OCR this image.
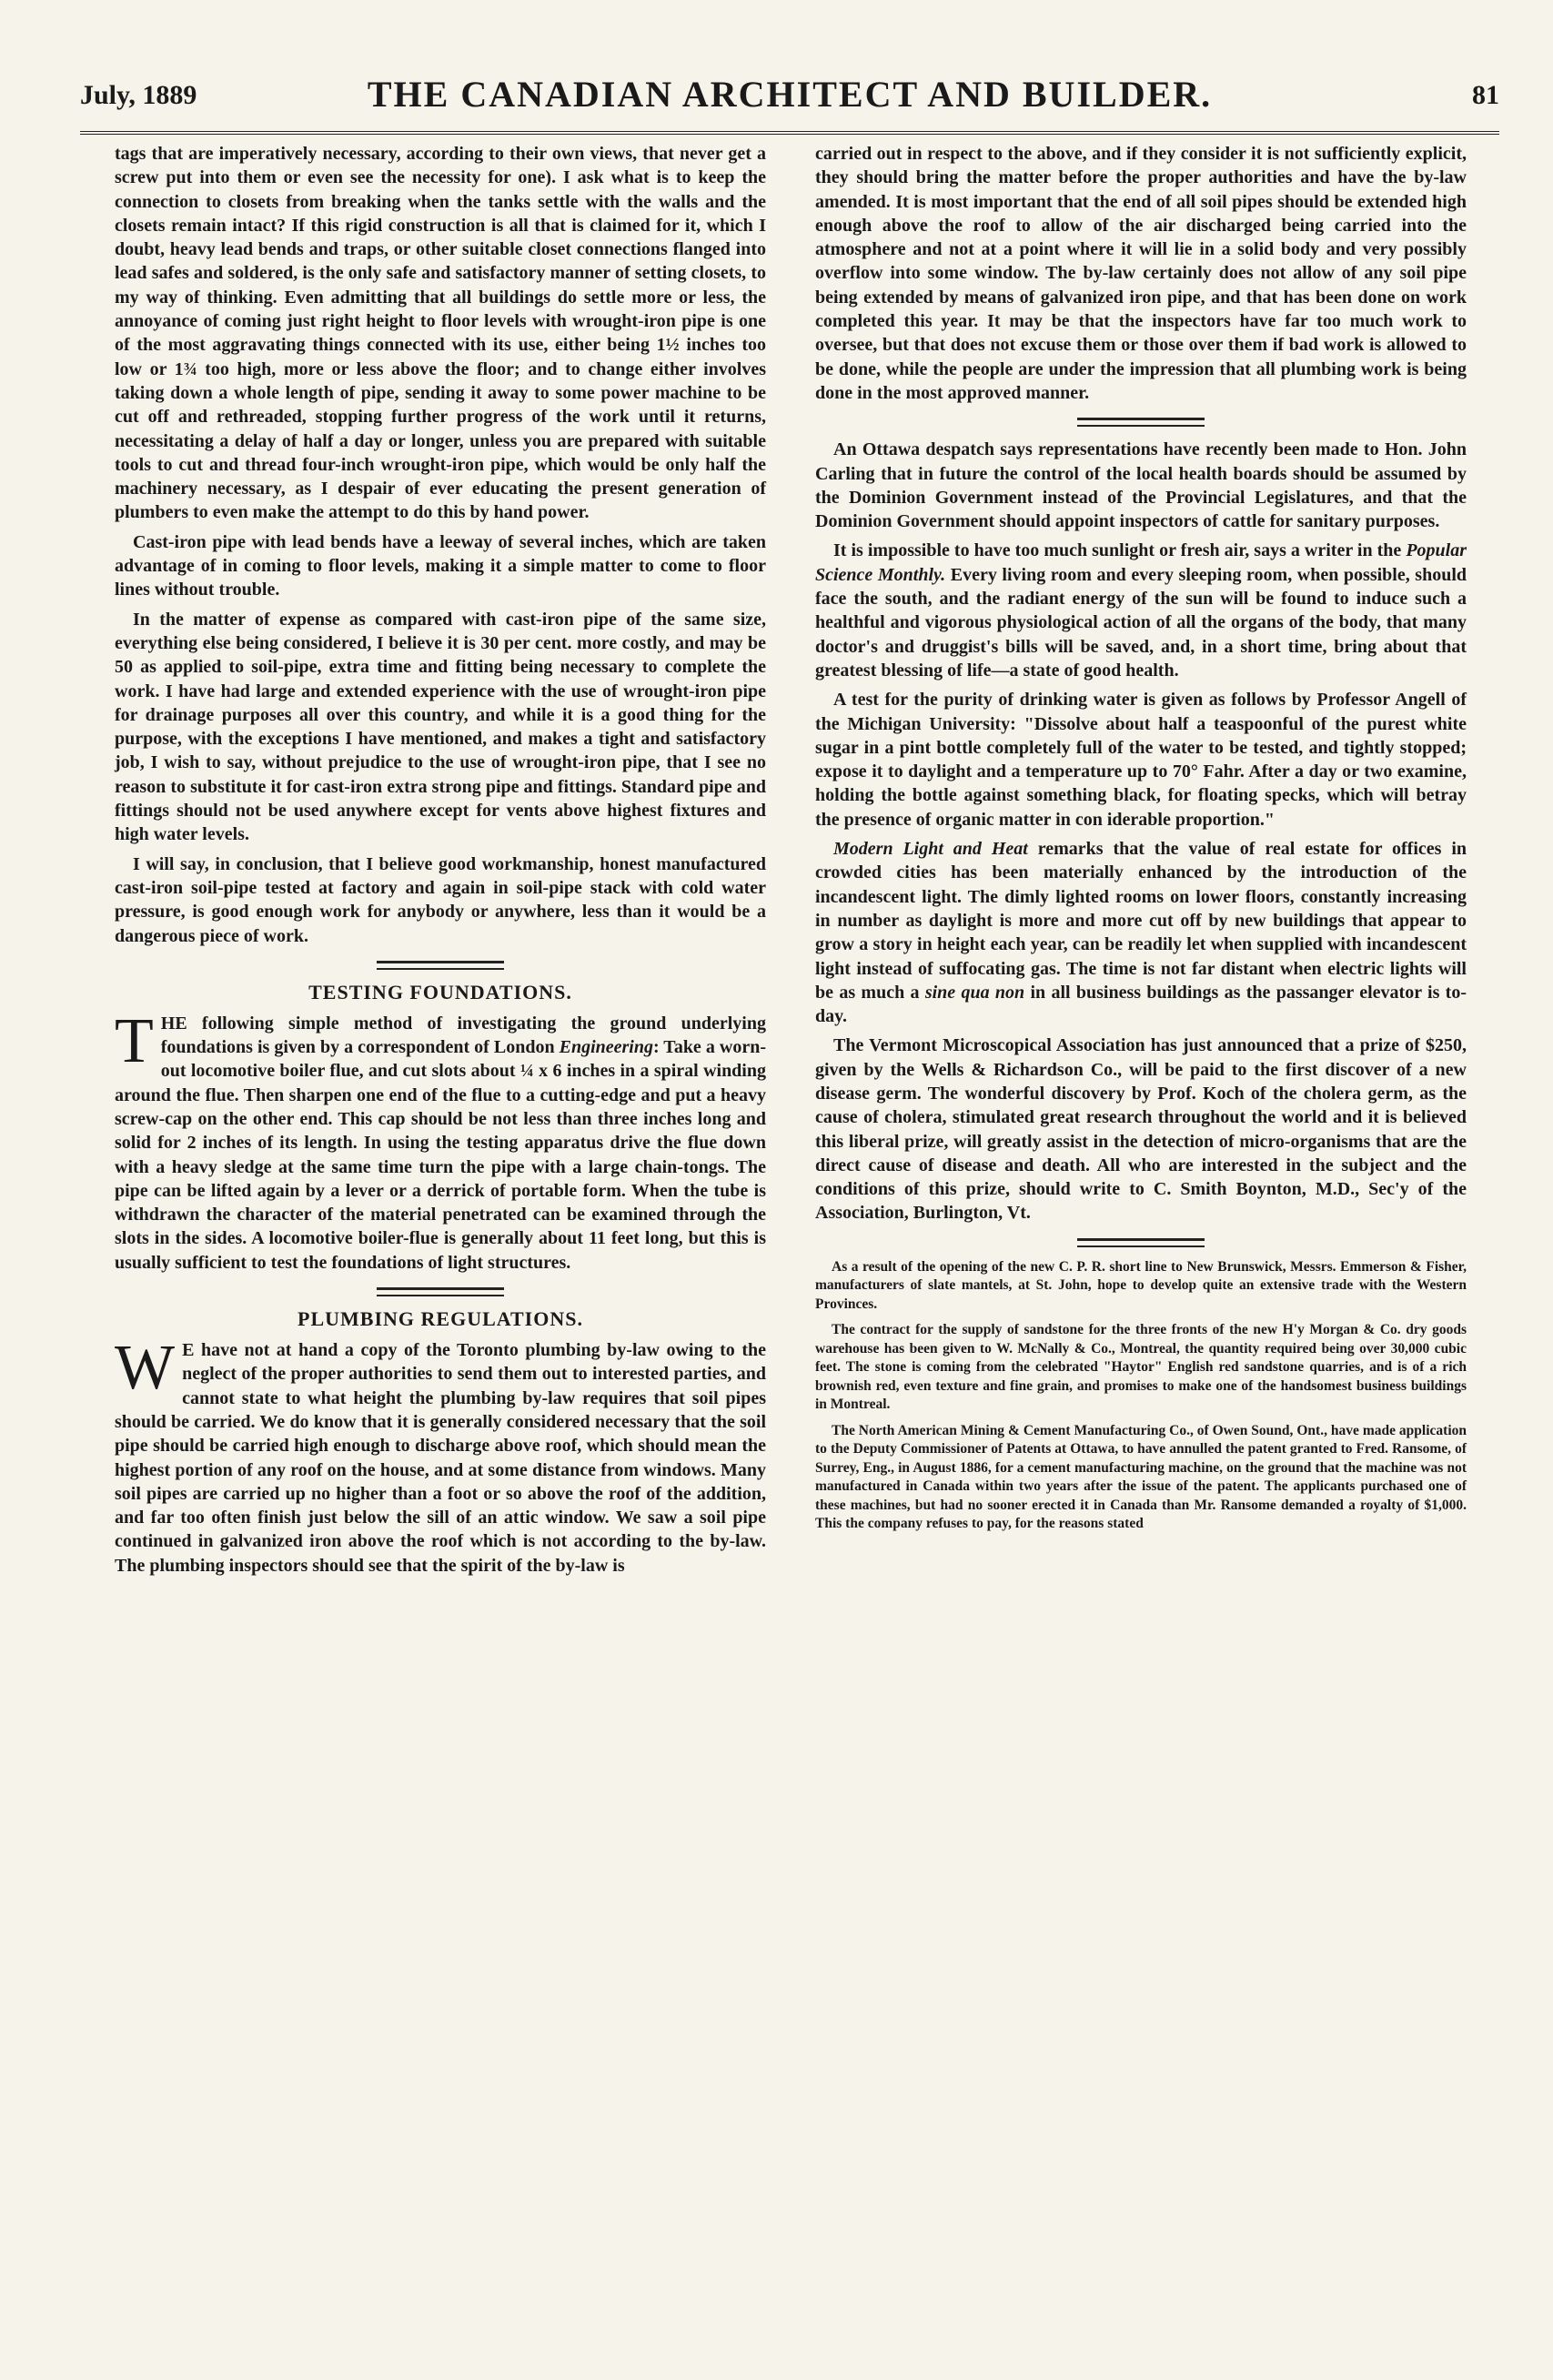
July, 1889	THE CANADIAN ARCHITECT AND BUILDER.	81

tags that are imperatively necessary, according to their own views, that never get a screw put into them or even see the necessity for one). I ask what is to keep the connection to closets from breaking when the tanks settle with the walls and the closets remain intact? If this rigid construction is all that is claimed for it, which I doubt, heavy lead bends and traps, or other suitable closet connections flanged into lead safes and soldered, is the only safe and satisfactory manner of setting closets, to my way of thinking. Even admitting that all buildings do settle more or less, the annoyance of coming just right height to floor levels with wrought-iron pipe is one of the most aggravating things connected with its use, either being 1½ inches too low or 1¾ too high, more or less above the floor; and to change either involves taking down a whole length of pipe, sending it away to some power machine to be cut off and rethreaded, stopping further progress of the work until it returns, necessitating a delay of half a day or longer, unless you are prepared with suitable tools to cut and thread four-inch wrought-iron pipe, which would be only half the machinery necessary, as I despair of ever educating the present generation of plumbers to even make the attempt to do this by hand power.

Cast-iron pipe with lead bends have a leeway of several inches, which are taken advantage of in coming to floor levels, making it a simple matter to come to floor lines without trouble.

In the matter of expense as compared with cast-iron pipe of the same size, everything else being considered, I believe it is 30 per cent. more costly, and may be 50 as applied to soil-pipe, extra time and fitting being necessary to complete the work. I have had large and extended experience with the use of wrought-iron pipe for drainage purposes all over this country, and while it is a good thing for the purpose, with the exceptions I have mentioned, and makes a tight and satisfactory job, I wish to say, without prejudice to the use of wrought-iron pipe, that I see no reason to substitute it for cast-iron extra strong pipe and fittings. Standard pipe and fittings should not be used anywhere except for vents above highest fixtures and high water levels.

I will say, in conclusion, that I believe good workmanship, honest manufactured cast-iron soil-pipe tested at factory and again in soil-pipe stack with cold water pressure, is good enough work for anybody or anywhere, less than it would be a dangerous piece of work.

TESTING FOUNDATIONS.

THE following simple method of investigating the ground underlying foundations is given by a correspondent of London Engineering: Take a worn-out locomotive boiler flue, and cut slots about ¼ x 6 inches in a spiral winding around the flue. Then sharpen one end of the flue to a cutting-edge and put a heavy screw-cap on the other end. This cap should be not less than three inches long and solid for 2 inches of its length. In using the testing apparatus drive the flue down with a heavy sledge at the same time turn the pipe with a large chain-tongs. The pipe can be lifted again by a lever or a derrick of portable form. When the tube is withdrawn the character of the material penetrated can be examined through the slots in the sides. A locomotive boiler-flue is generally about 11 feet long, but this is usually sufficient to test the foundations of light structures.

PLUMBING REGULATIONS.

W E have not at hand a copy of the Toronto plumbing by-law owing to the neglect of the proper authorities to send them out to interested parties, and cannot state to what height the plumbing by-law requires that soil pipes should be carried. We do know that it is generally considered necessary that the soil pipe should be carried high enough to discharge above roof, which should mean the highest portion of any roof on the house, and at some distance from windows. Many soil pipes are carried up no higher than a foot or so above the roof of the addition, and far too often finish just below the sill of an attic window. We saw a soil pipe continued in galvanized iron above the roof which is not according to the by-law. The plumbing inspectors should see that the spirit of the by-law is

carried out in respect to the above, and if they consider it is not sufficiently explicit, they should bring the matter before the proper authorities and have the by-law amended. It is most important that the end of all soil pipes should be extended high enough above the roof to allow of the air discharged being carried into the atmosphere and not at a point where it will lie in a solid body and very possibly overflow into some window. The by-law certainly does not allow of any soil pipe being extended by means of galvanized iron pipe, and that has been done on work completed this year. It may be that the inspectors have far too much work to oversee, but that does not excuse them or those over them if bad work is allowed to be done, while the people are under the impression that all plumbing work is being done in the most approved manner.

An Ottawa despatch says representations have recently been made to Hon. John Carling that in future the control of the local health boards should be assumed by the Dominion Government instead of the Provincial Legislatures, and that the Dominion Government should appoint inspectors of cattle for sanitary purposes.

It is impossible to have too much sunlight or fresh air, says a writer in the Popular Science Monthly. Every living room and every sleeping room, when possible, should face the south, and the radiant energy of the sun will be found to induce such a healthful and vigorous physiological action of all the organs of the body, that many doctor's and druggist's bills will be saved, and, in a short time, bring about that greatest blessing of life—a state of good health.

A test for the purity of drinking water is given as follows by Professor Angell of the Michigan University: "Dissolve about half a teaspoonful of the purest white sugar in a pint bottle completely full of the water to be tested, and tightly stopped; expose it to daylight and a temperature up to 70° Fahr. After a day or two examine, holding the bottle against something black, for floating specks, which will betray the presence of organic matter in con iderable proportion."

Modern Light and Heat remarks that the value of real estate for offices in crowded cities has been materially enhanced by the introduction of the incandescent light. The dimly lighted rooms on lower floors, constantly increasing in number as daylight is more and more cut off by new buildings that appear to grow a story in height each year, can be readily let when supplied with incandescent light instead of suffocating gas. The time is not far distant when electric lights will be as much a sine qua non in all business buildings as the passanger elevator is to-day.

The Vermont Microscopical Association has just announced that a prize of $250, given by the Wells & Richardson Co., will be paid to the first discover of a new disease germ. The wonderful discovery by Prof. Koch of the cholera germ, as the cause of cholera, stimulated great research throughout the world and it is believed this liberal prize, will greatly assist in the detection of micro-organisms that are the direct cause of disease and death. All who are interested in the subject and the conditions of this prize, should write to C. Smith Boynton, M.D., Sec'y of the Association, Burlington, Vt.

As a result of the opening of the new C. P. R. short line to New Brunswick, Messrs. Emmerson & Fisher, manufacturers of slate mantels, at St. John, hope to develop quite an extensive trade with the Western Provinces.

The contract for the supply of sandstone for the three fronts of the new H'y Morgan & Co. dry goods warehouse has been given to W. McNally & Co., Montreal, the quantity required being over 30,000 cubic feet. The stone is coming from the celebrated "Haytor" English red sandstone quarries, and is of a rich brownish red, even texture and fine grain, and promises to make one of the handsomest business buildings in Montreal.

The North American Mining & Cement Manufacturing Co., of Owen Sound, Ont., have made application to the Deputy Commissioner of Patents at Ottawa, to have annulled the patent granted to Fred. Ransome, of Surrey, Eng., in August 1886, for a cement manufacturing machine, on the ground that the machine was not manufactured in Canada within two years after the issue of the patent. The applicants purchased one of these machines, but had no sooner erected it in Canada than Mr. Ransome demanded a royalty of $1,000. This the company refuses to pay, for the reasons stated
